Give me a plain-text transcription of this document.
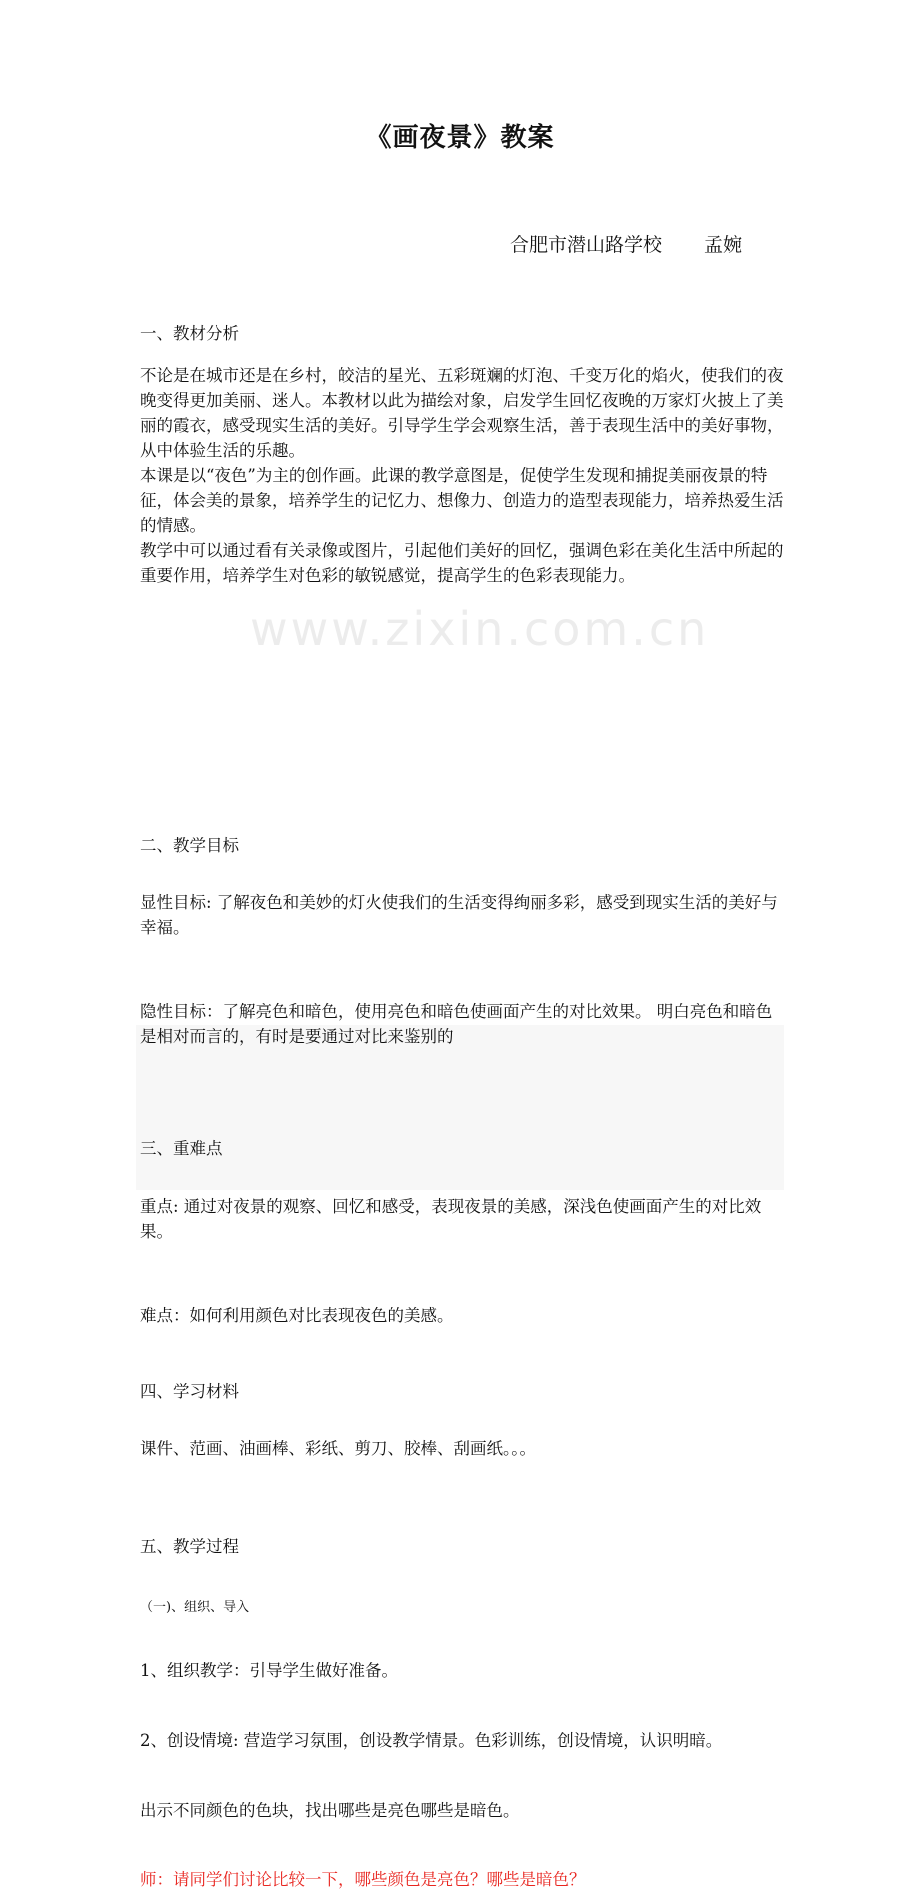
www.zixin.com.cn
《画夜景》教案
合肥市潜山路学校 孟婉
一、教材分析

不论是在城市还是在乡村，皎洁的星光、五彩斑斓的灯泡、千变万化的焰火，使我们的夜晚变得更加美丽、迷人。本教材以此为描绘对象，启发学生回忆夜晚的万家灯火披上了美丽的霞衣，感受现实生活的美好。引导学生学会观察生活，善于表现生活中的美好事物，从中体验生活的乐趣。

本课是以“夜色”为主的创作画。此课的教学意图是，促使学生发现和捕捉美丽夜景的特征，体会美的景象，培养学生的记忆力、想像力、创造力的造型表现能力，培养热爱生活的情感。

教学中可以通过看有关录像或图片，引起他们美好的回忆，强调色彩在美化生活中所起的重要作用，培养学生对色彩的敏锐感觉，提高学生的色彩表现能力。

二、教学目标
显性目标: 了解夜色和美妙的灯火使我们的生活变得绚丽多彩，感受到现实生活的美好与幸福。
隐性目标：了解亮色和暗色，使用亮色和暗色使画面产生的对比效果。 明白亮色和暗色是相对而言的，有时是要通过对比来鉴别的
三、重难点
重点: 通过对夜景的观察、回忆和感受，表现夜景的美感，深浅色使画面产生的对比效果。
难点：如何利用颜色对比表现夜色的美感。
四、学习材料
课件、范画、油画棒、彩纸、剪刀、胶棒、刮画纸。。。
五、教学过程
（一)、组织、导入
1、组织教学：引导学生做好准备。
2、创设情境: 营造学习氛围，创设教学情景。色彩训练，创设情境，认识明暗。
出示不同颜色的色块，找出哪些是亮色哪些是暗色。
师：请同学们讨论比较一下，哪些颜色是亮色？哪些是暗色？
